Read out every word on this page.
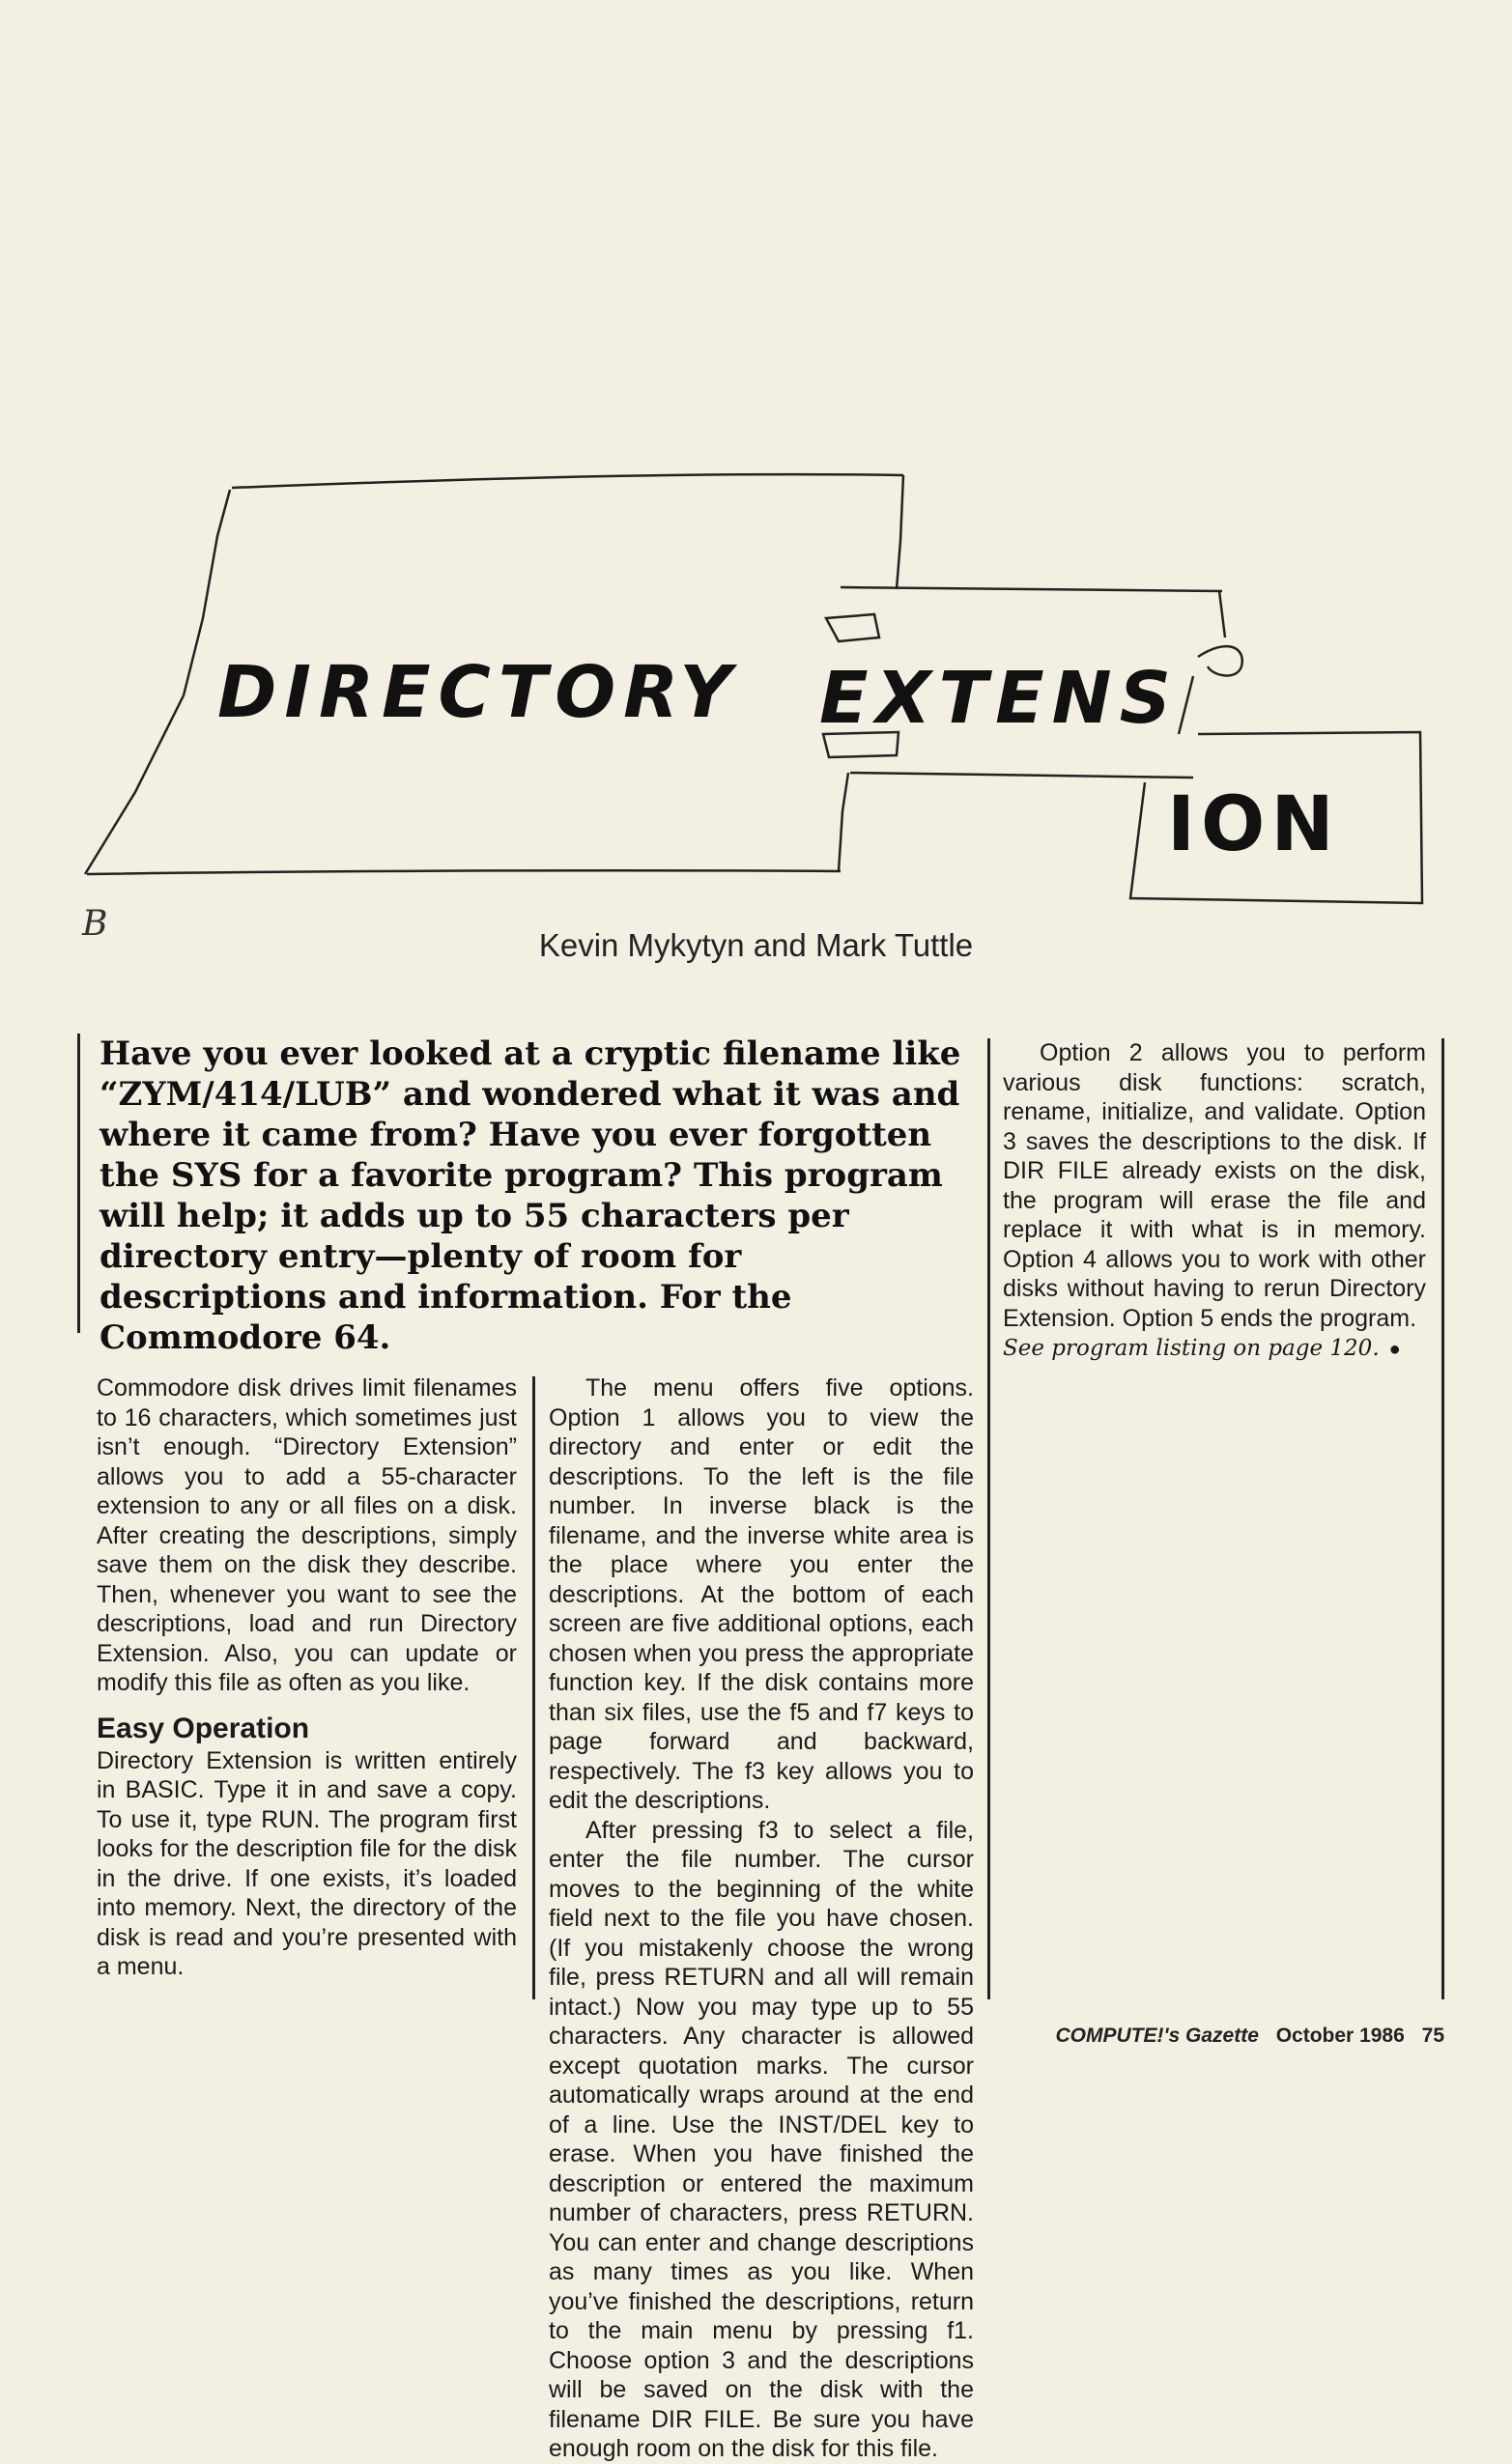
DIRECTORY EXTENS
ION
B
Kevin Mykytyn and Mark Tuttle
Have you ever looked at a cryptic filename like “ZYM/414/LUB” and wondered what it was and where it came from? Have you ever forgotten the SYS for a favorite program? This program will help; it adds up to 55 characters per directory entry—plenty of room for descriptions and information. For the Commodore 64.

Commodore disk drives limit filenames to 16 characters, which sometimes just isn’t enough. “Directory Extension” allows you to add a 55-character extension to any or all files on a disk. After creating the descriptions, simply save them on the disk they describe. Then, whenever you want to see the descriptions, load and run Directory Extension. Also, you can update or modify this file as often as you like.

Easy Operation

Directory Extension is written entirely in BASIC. Type it in and save a copy. To use it, type RUN. The program first looks for the description file for the disk in the drive. If one exists, it’s loaded into memory. Next, the directory of the disk is read and you’re presented with a menu.

The menu offers five options. Option 1 allows you to view the directory and enter or edit the descriptions. To the left is the file number. In inverse black is the filename, and the inverse white area is the place where you enter the descriptions. At the bottom of each screen are five additional options, each chosen when you press the appropriate function key. If the disk contains more than six files, use the f5 and f7 keys to page forward and backward, respectively. The f3 key allows you to edit the descriptions.

After pressing f3 to select a file, enter the file number. The cursor moves to the beginning of the white field next to the file you have chosen. (If you mistakenly choose the wrong file, press RETURN and all will remain intact.) Now you may type up to 55 characters. Any character is allowed except quotation marks. The cursor automatically wraps around at the end of a line. Use the INST/DEL key to erase. When you have finished the description or entered the maximum number of characters, press RETURN. You can enter and change descriptions as many times as you like. When you’ve finished the descriptions, return to the main menu by pressing f1. Choose option 3 and the descriptions will be saved on the disk with the filename DIR FILE. Be sure you have enough room on the disk for this file.

Option 2 allows you to perform various disk functions: scratch, rename, initialize, and validate. Option 3 saves the descriptions to the disk. If DIR FILE already exists on the disk, the program will erase the file and replace it with what is in memory. Option 4 allows you to work with other disks without having to rerun Directory Extension. Option 5 ends the program.

See program listing on page 120. ●

COMPUTE!'s Gazette October 1986 75
